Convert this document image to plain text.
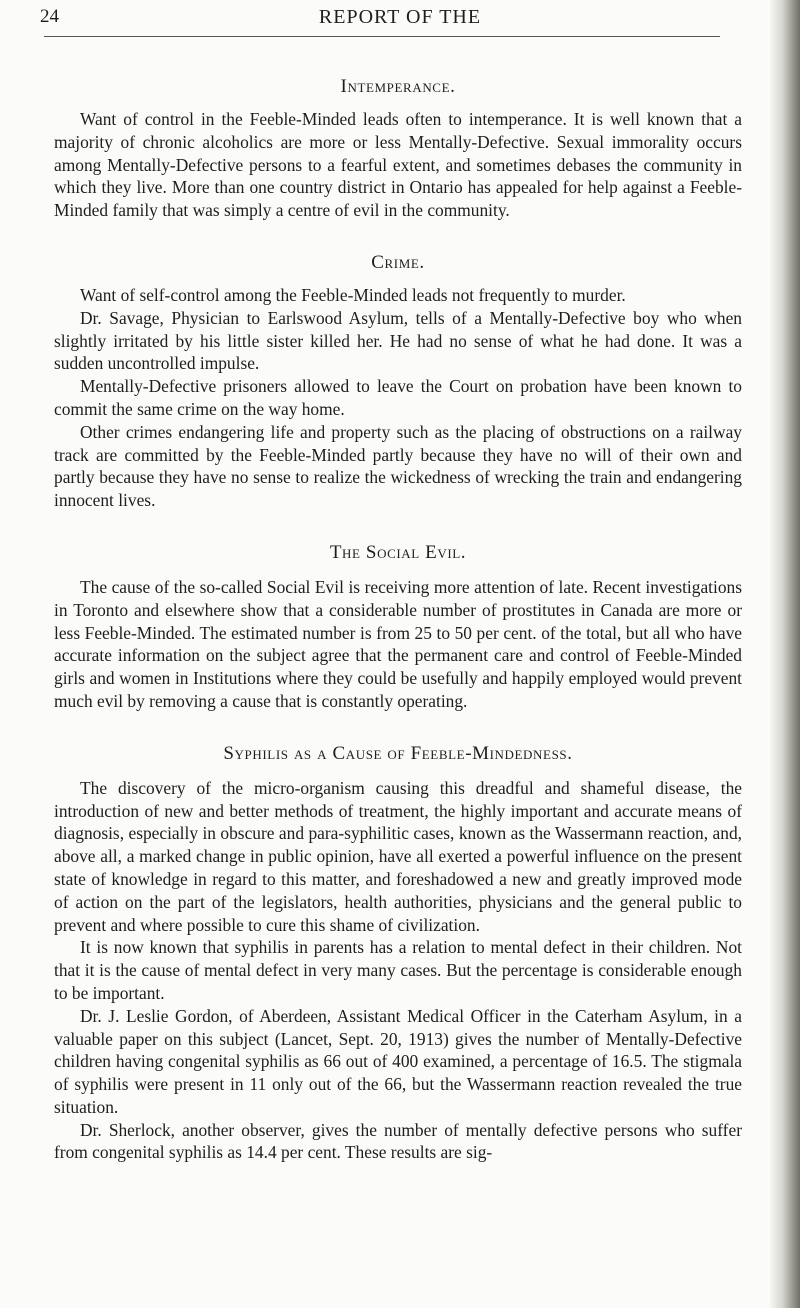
24	REPORT OF THE
Intemperance.

Want of control in the Feeble-Minded leads often to intemperance. It is well known that a majority of chronic alcoholics are more or less Mentally-Defective. Sexual immorality occurs among Mentally-Defective persons to a fearful extent, and sometimes debases the community in which they live. More than one country district in Ontario has appealed for help against a Feeble-Minded family that was simply a centre of evil in the community.

Crime.

Want of self-control among the Feeble-Minded leads not frequently to murder.

Dr. Savage, Physician to Earlswood Asylum, tells of a Mentally-Defective boy who when slightly irritated by his little sister killed her. He had no sense of what he had done. It was a sudden uncontrolled impulse.

Mentally-Defective prisoners allowed to leave the Court on probation have been known to commit the same crime on the way home.

Other crimes endangering life and property such as the placing of obstructions on a railway track are committed by the Feeble-Minded partly because they have no will of their own and partly because they have no sense to realize the wickedness of wrecking the train and endangering innocent lives.

The Social Evil.

The cause of the so-called Social Evil is receiving more attention of late. Recent investigations in Toronto and elsewhere show that a considerable number of prostitutes in Canada are more or less Feeble-Minded. The estimated number is from 25 to 50 per cent. of the total, but all who have accurate information on the subject agree that the permanent care and control of Feeble-Minded girls and women in Institutions where they could be usefully and happily employed would prevent much evil by removing a cause that is constantly operating.

Syphilis as a Cause of Feeble-Mindedness.

The discovery of the micro-organism causing this dreadful and shameful disease, the introduction of new and better methods of treatment, the highly important and accurate means of diagnosis, especially in obscure and para-syphilitic cases, known as the Wassermann reaction, and, above all, a marked change in public opinion, have all exerted a powerful influence on the present state of knowledge in regard to this matter, and foreshadowed a new and greatly improved mode of action on the part of the legislators, health authorities, physicians and the general public to prevent and where possible to cure this shame of civilization.

It is now known that syphilis in parents has a relation to mental defect in their children. Not that it is the cause of mental defect in very many cases. But the percentage is considerable enough to be important.

Dr. J. Leslie Gordon, of Aberdeen, Assistant Medical Officer in the Caterham Asylum, in a valuable paper on this subject (Lancet, Sept. 20, 1913) gives the number of Mentally-Defective children having congenital syphilis as 66 out of 400 examined, a percentage of 16.5. The stigmala of syphilis were present in 11 only out of the 66, but the Wassermann reaction revealed the true situation.

Dr. Sherlock, another observer, gives the number of mentally defective persons who suffer from congenital syphilis as 14.4 per cent. These results are sig-
